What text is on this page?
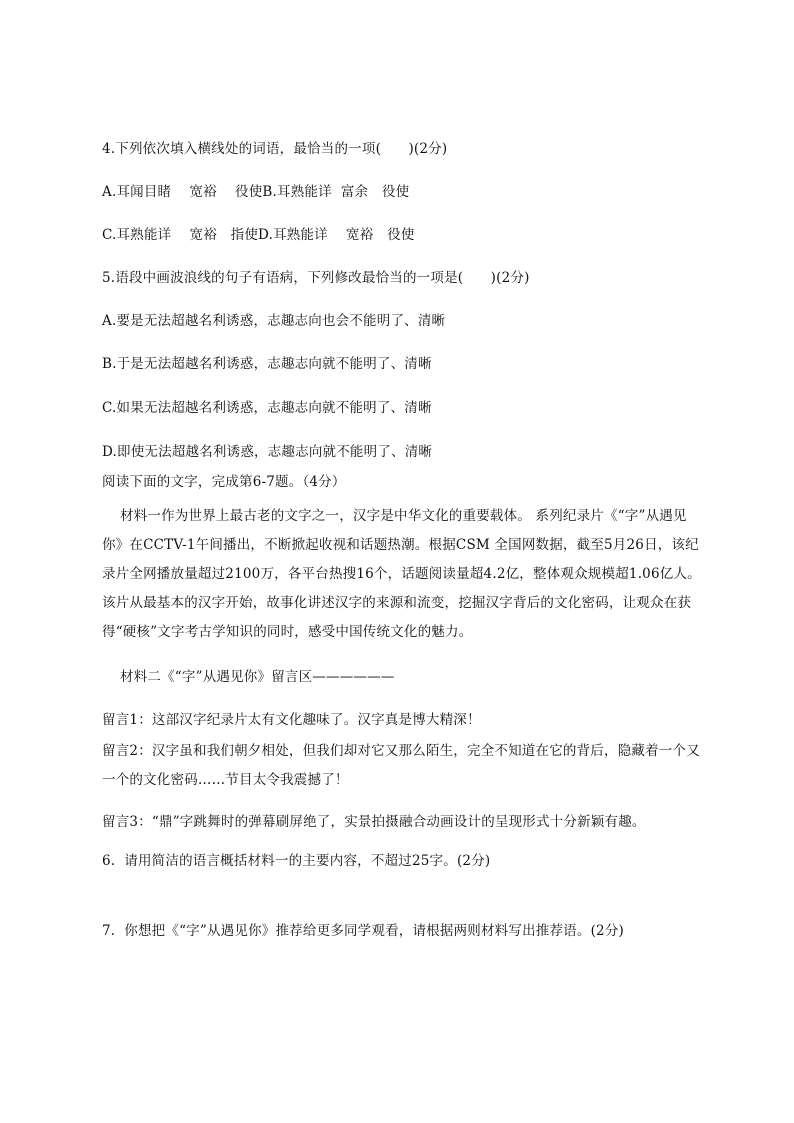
4.下列依次填入横线处的词语，最恰当的一项(　　)(2分)
A.耳闻目睹　 宽裕　 役使B.耳熟能详  富余　役使
C.耳熟能详　 宽裕　指使D.耳熟能详　 宽裕　役使
5.语段中画波浪线的句子有语病，下列修改最恰当的一项是(　　)(2分)
A.要是无法超越名利诱惑，志趣志向也会不能明了、清晰
B.于是无法超越名利诱惑，志趣志向就不能明了、清晰
C.如果无法超越名利诱惑，志趣志向就不能明了、清晰
D.即使无法超越名利诱惑，志趣志向就不能明了、清晰
阅读下面的文字，完成第6-7题。（4分）
材料一作为世界上最古老的文字之一，汉字是中华文化的重要载体。 系列纪录片《“字”从遇见你》在CCTV-1午间播出，不断掀起收视和话题热潮。根据CSM 全国网数据，截至5月26日，该纪录片全网播放量超过2100万，各平台热搜16个，话题阅读量超4.2亿，整体观众规模超1.06亿人。该片从最基本的汉字开始，故事化讲述汉字的来源和流变，挖掘汉字背后的文化密码，让观众在获得“硬核”文字考古学知识的同时，感受中国传统文化的魅力。
材料二《“字”从遇见你》留言区——————
留言1：这部汉字纪录片太有文化趣味了。汉字真是博大精深！
留言2：汉字虽和我们朝夕相处，但我们却对它又那么陌生，完全不知道在它的背后，隐藏着一个又一个的文化密码……节目太令我震撼了！
留言3：“鼎”字跳舞时的弹幕刷屏绝了，实景拍摄融合动画设计的呈现形式十分新颖有趣。
6.  请用简洁的语言概括材料一的主要内容，不超过25字。(2分)
7.  你想把《“字”从遇见你》推荐给更多同学观看，请根据两则材料写出推荐语。(2分)
